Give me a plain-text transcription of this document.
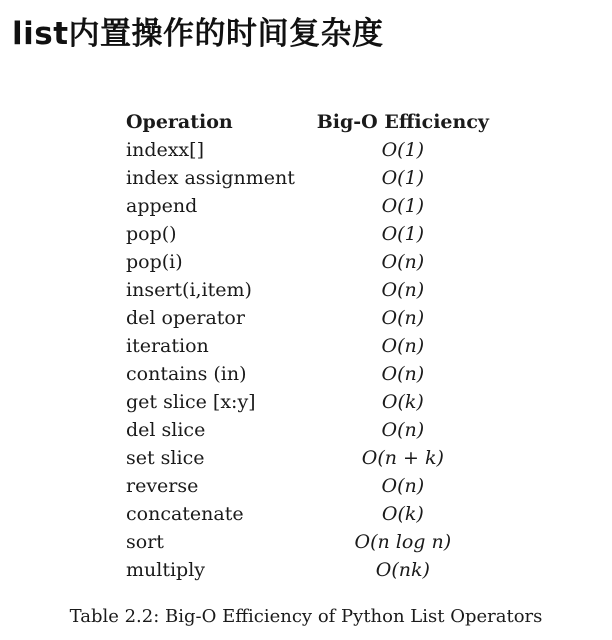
list内置操作的时间复杂度
Operation	Big-O Efficiency
indexx[]	O(1)
index assignment	O(1)
append	O(1)
pop()	O(1)
pop(i)	O(n)
insert(i,item)	O(n)
del operator	O(n)
iteration	O(n)
contains (in)	O(n)
get slice [x:y]	O(k)
del slice	O(n)
set slice	O(n + k)
reverse	O(n)
concatenate	O(k)
sort	O(n log n)
multiply	O(nk)
Table 2.2: Big-O Efficiency of Python List Operators
